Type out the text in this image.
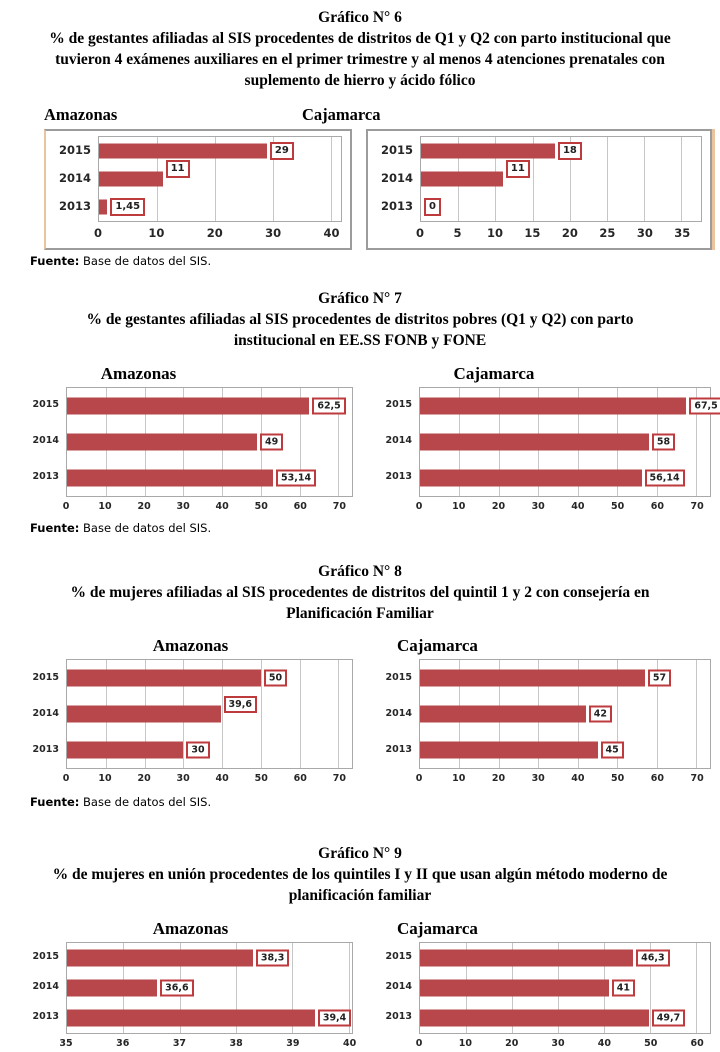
Gráfico N° 6
% de gestantes afiliadas al SIS procedentes de distritos de Q1 y Q2 con parto institucional que tuvieron 4 exámenes auxiliares en el primer trimestre y al menos 4 atenciones prenatales con suplemento de hierro y ácido fólico
Amazonas
2015
2014
2013
29
11
1,45
0	10	20	30	40
Cajamarca
2015
2014
2013
18
11
0
0	5 10 15 20 25 30 35
Fuente: Base de datos del SIS.
Gráfico N° 7
% de gestantes afiliadas al SIS procedentes de distritos pobres (Q1 y Q2) con parto institucional en EE.SS FONB y FONE
Amazonas
2015
2014
2013
62,5
49
53,14
0	10	20	30	40	50	60	70
Cajamarca
2015
2014
2013
67,5
58
56,14
0	10	20	30	40	50	60	70
Fuente: Base de datos del SIS.
Gráfico N° 8
% de mujeres afiliadas al SIS procedentes de distritos del quintil 1 y 2 con consejería en Planificación Familiar
Amazonas
2015
2014
2013
50
39,6
30
0	10	20	30	40	50	60	70
Cajamarca
2015
2014
2013
57
42
45
0	10	20	30	40	50	60	70
Fuente: Base de datos del SIS.
Gráfico N° 9
% de mujeres en unión procedentes de los quintiles I y II que usan algún método moderno de planificación familiar
Amazonas
2015
2014
2013
38,3
36,6
39,4
35	36	37	38	39	40
Cajamarca
2015
2014
2013
46,3
41
49,7
0	10	20	30	40	50	60
